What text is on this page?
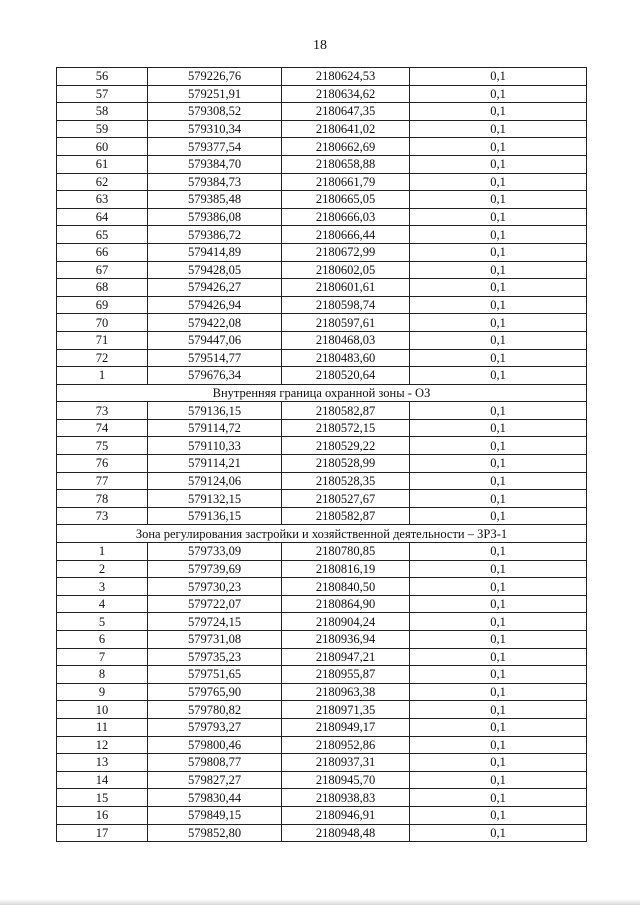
18
56	579226,76	2180624,53	0,1
57	579251,91	2180634,62	0,1
58	579308,52	2180647,35	0,1
59	579310,34	2180641,02	0,1
60	579377,54	2180662,69	0,1
61	579384,70	2180658,88	0,1
62	579384,73	2180661,79	0,1
63	579385,48	2180665,05	0,1
64	579386,08	2180666,03	0,1
65	579386,72	2180666,44	0,1
66	579414,89	2180672,99	0,1
67	579428,05	2180602,05	0,1
68	579426,27	2180601,61	0,1
69	579426,94	2180598,74	0,1
70	579422,08	2180597,61	0,1
71	579447,06	2180468,03	0,1
72	579514,77	2180483,60	0,1
1	579676,34	2180520,64	0,1
Внутренняя граница охранной зоны - ОЗ			
73	579136,15	2180582,87	0,1
74	579114,72	2180572,15	0,1
75	579110,33	2180529,22	0,1
76	579114,21	2180528,99	0,1
77	579124,06	2180528,35	0,1
78	579132,15	2180527,67	0,1
73	579136,15	2180582,87	0,1
Зона регулирования застройки и хозяйственной деятельности – ЗРЗ-1			
1	579733,09	2180780,85	0,1
2	579739,69	2180816,19	0,1
3	579730,23	2180840,50	0,1
4	579722,07	2180864,90	0,1
5	579724,15	2180904,24	0,1
6	579731,08	2180936,94	0,1
7	579735,23	2180947,21	0,1
8	579751,65	2180955,87	0,1
9	579765,90	2180963,38	0,1
10	579780,82	2180971,35	0,1
11	579793,27	2180949,17	0,1
12	579800,46	2180952,86	0,1
13	579808,77	2180937,31	0,1
14	579827,27	2180945,70	0,1
15	579830,44	2180938,83	0,1
16	579849,15	2180946,91	0,1
17	579852,80	2180948,48	0,1
